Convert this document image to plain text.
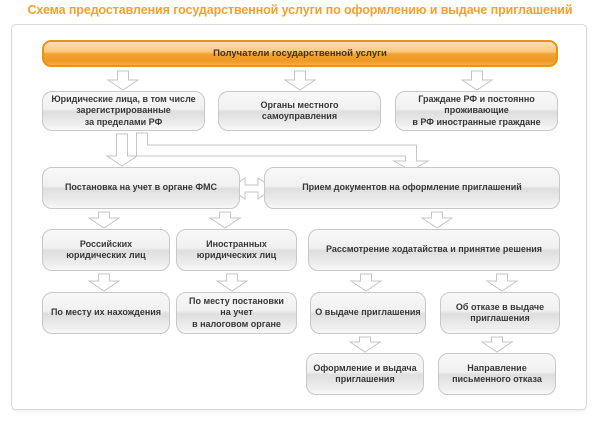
Схема предоставления государственной услуги по оформлению и выдаче приглашений
Получатели государственной услуги
Юридические лица, в том числе
зарегистрированные
за пределами РФ
Органы местного самоуправления
Граждане РФ и постоянно
проживающие
в РФ иностранные граждане
Постановка на учет в органе ФМС	Прием документов на оформление приглашений
Российских
юридических лиц
Иностранных
юридических лиц
Рассмотрение ходатайства и принятие решения
По месту их нахождения
По месту постановки
на учет
в налоговом органе
О выдаче приглашения
Об отказе в выдаче
приглашения
Оформление и выдача
приглашения
Направление
письменного отказа
